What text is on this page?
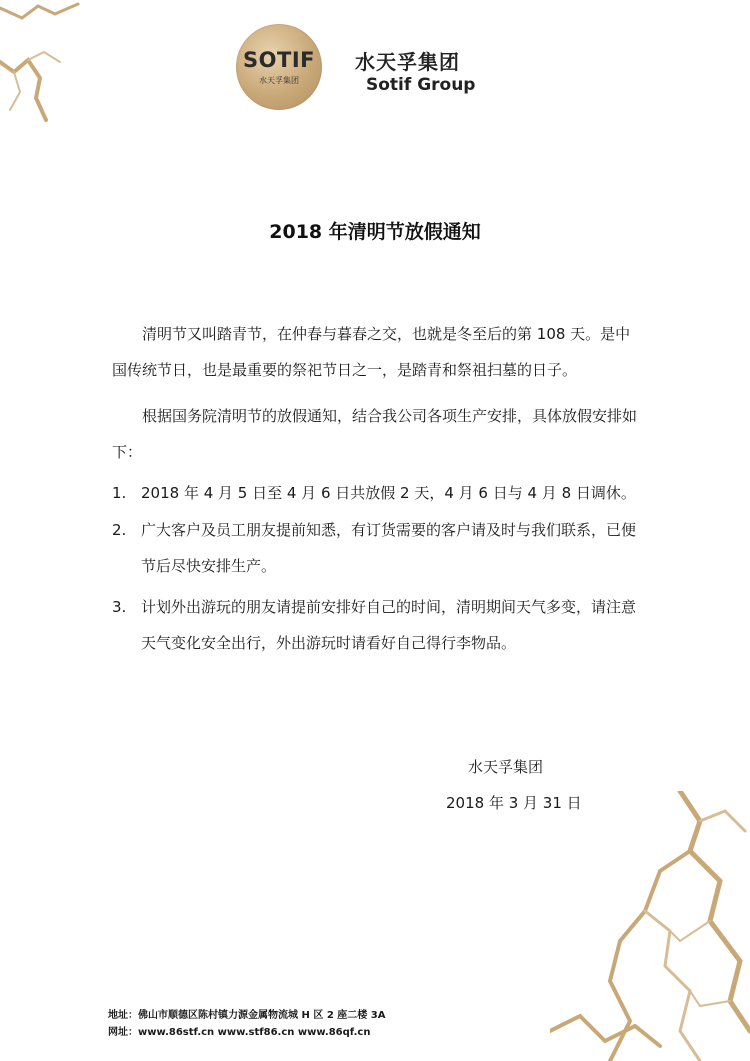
SOTIF
水天孚集团
水天孚集团
Sotif Group
2018 年清明节放假通知

清明节又叫踏青节，在仲春与暮春之交，也就是冬至后的第 108 天。是中国传统节日，也是最重要的祭祀节日之一，是踏青和祭祖扫墓的日子。

根据国务院清明节的放假通知，结合我公司各项生产安排，具体放假安排如下：

1. 2018 年 4 月 5 日至 4 月 6 日共放假 2 天，4 月 6 日与 4 月 8 日调休。
2. 广大客户及员工朋友提前知悉，有订货需要的客户请及时与我们联系，已便节后尽快安排生产。
3. 计划外出游玩的朋友请提前安排好自己的时间，清明期间天气多变，请注意天气变化安全出行，外出游玩时请看好自己得行李物品。
水天孚集团
2018 年 3 月 31 日
地址：佛山市顺德区陈村镇力源金属物流城 H 区 2 座二楼 3A
网址：www.86stf.cn www.stf86.cn www.86qf.cn
